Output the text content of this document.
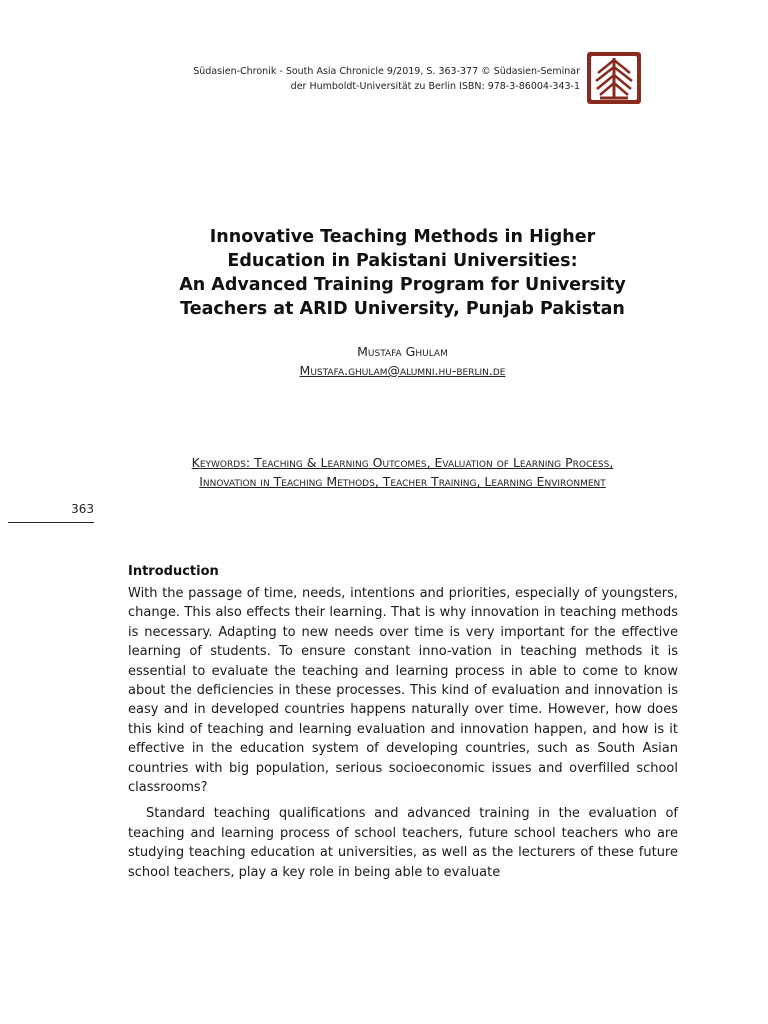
Südasien-Chronik - South Asia Chronicle 9/2019, S. 363-377 © Südasien-Seminar
der Humboldt-Universität zu Berlin ISBN: 978-3-86004-343-1
Innovative Teaching Methods in Higher
Education in Pakistani Universities:
An Advanced Training Program for University
Teachers at ARID University, Punjab Pakistan
Mustafa Ghulam
Mustafa.ghulam@alumni.hu-berlin.de
Keywords: Teaching & Learning Outcomes, Evaluation of Learning Process,
Innovation in Teaching Methods, Teacher Training, Learning Environment
363
Introduction

With the passage of time, needs, intentions and priorities, especially of youngsters, change. This also effects their learning. That is why innovation in teaching methods is necessary. Adapting to new needs over time is very important for the effective learning of students. To ensure constant inno-vation in teaching methods it is essential to evaluate the teaching and learning process in able to come to know about the deficiencies in these processes. This kind of evaluation and innovation is easy and in developed countries happens naturally over time. However, how does this kind of teaching and learning evaluation and innovation happen, and how is it effective in the education system of developing countries, such as South Asian countries with big population, serious socioeconomic issues and overfilled school classrooms?

Standard teaching qualifications and advanced training in the evaluation of teaching and learning process of school teachers, future school teachers who are studying teaching education at universities, as well as the lecturers of these future school teachers, play a key role in being able to evaluate
